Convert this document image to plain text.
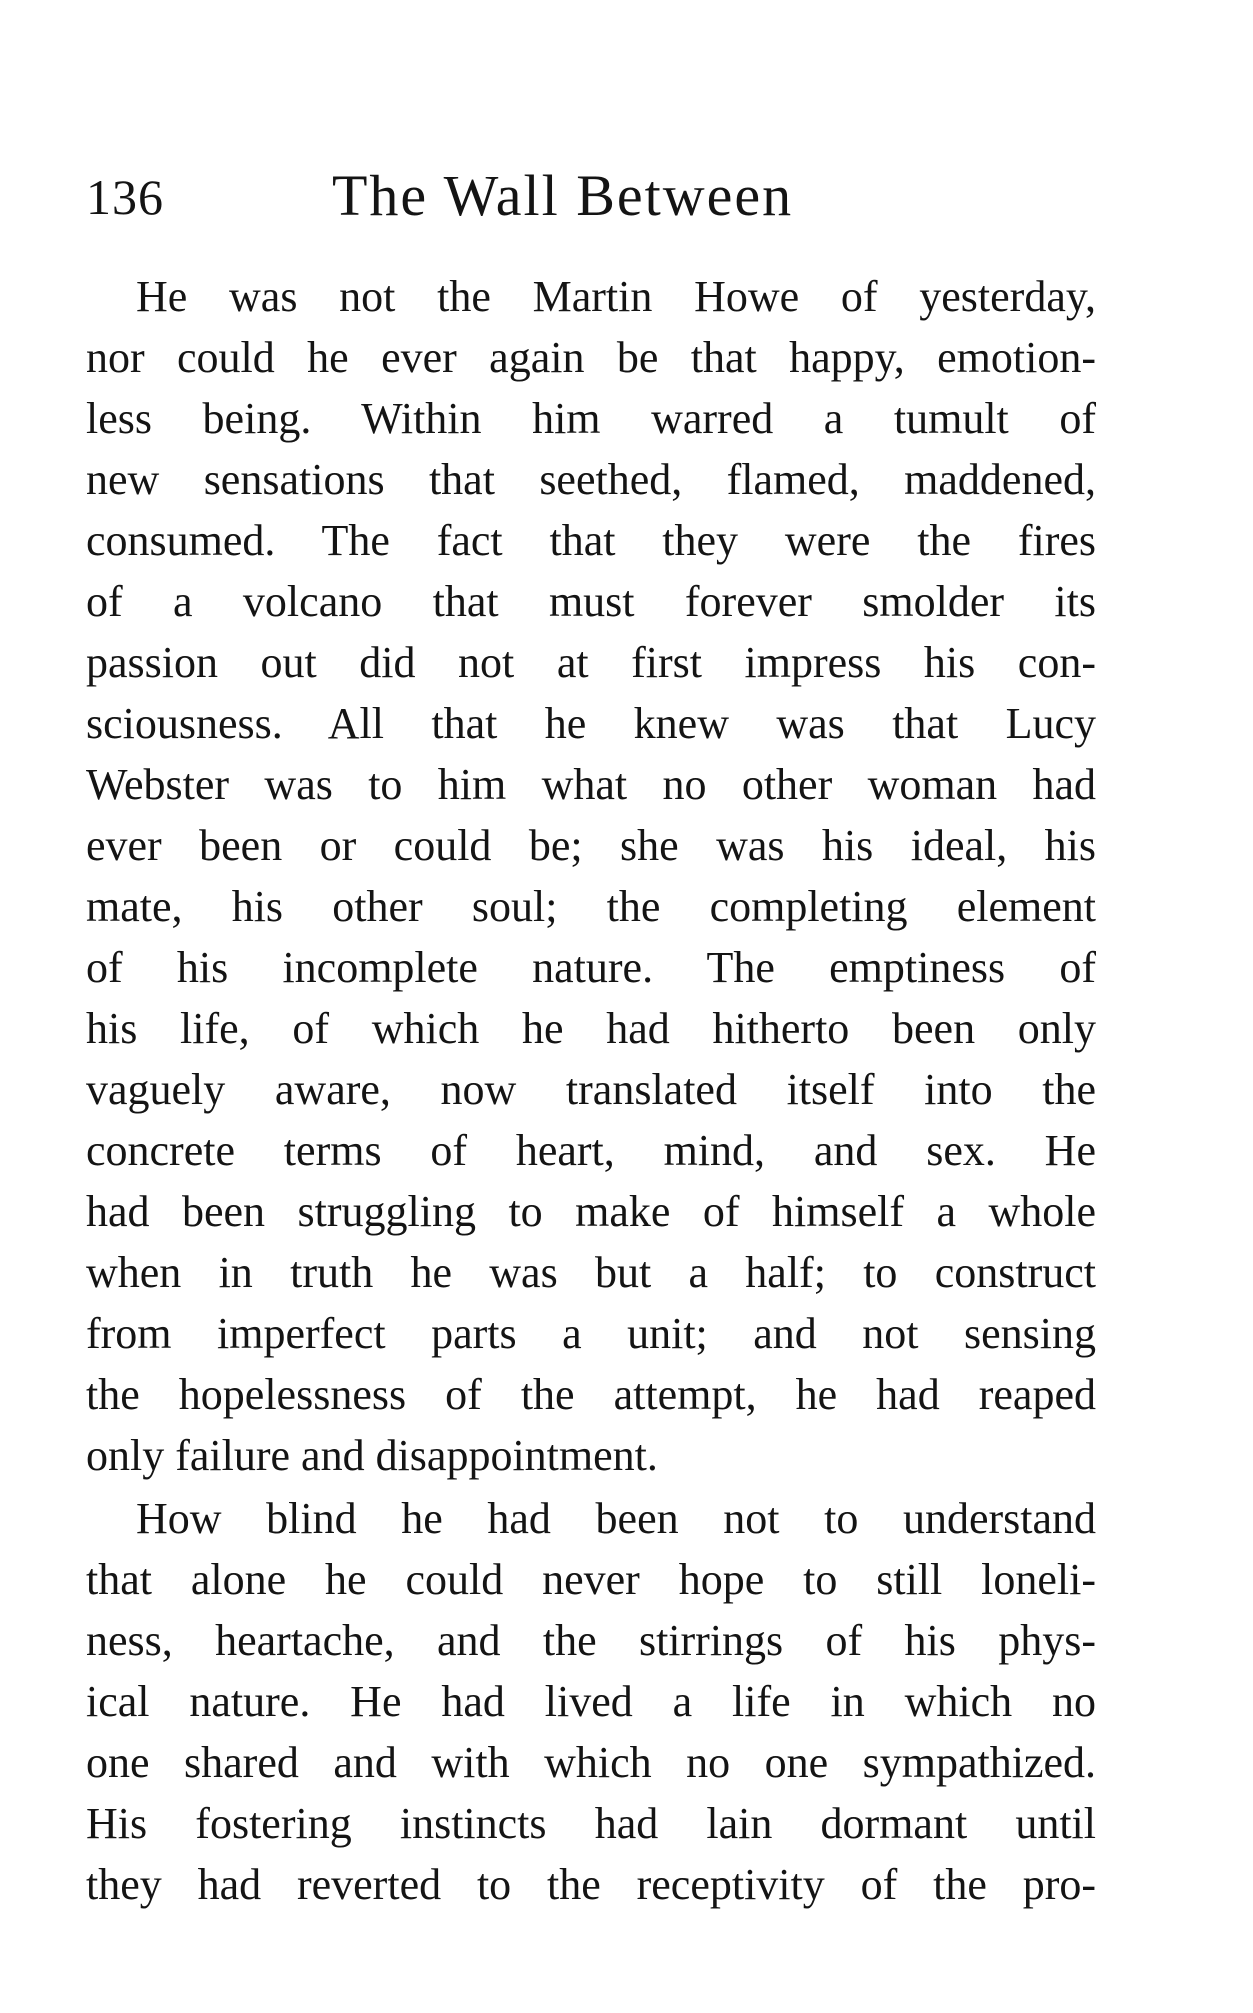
136	The Wall Between
He was not the Martin Howe of yesterday,
nor could he ever again be that happy, emotion-
less being. Within him warred a tumult of
new sensations that seethed, flamed, maddened,
consumed. The fact that they were the fires
of a volcano that must forever smolder its
passion out did not at first impress his con-
sciousness. All that he knew was that Lucy
Webster was to him what no other woman had
ever been or could be; she was his ideal, his
mate, his other soul; the completing element
of his incomplete nature. The emptiness of
his life, of which he had hitherto been only
vaguely aware, now translated itself into the
concrete terms of heart, mind, and sex. He
had been struggling to make of himself a whole
when in truth he was but a half; to construct
from imperfect parts a unit; and not sensing
the hopelessness of the attempt, he had reaped
only failure and disappointment.
How blind he had been not to understand
that alone he could never hope to still loneli-
ness, heartache, and the stirrings of his phys-
ical nature. He had lived a life in which no
one shared and with which no one sympathized.
His fostering instincts had lain dormant until
they had reverted to the receptivity of the pro-
